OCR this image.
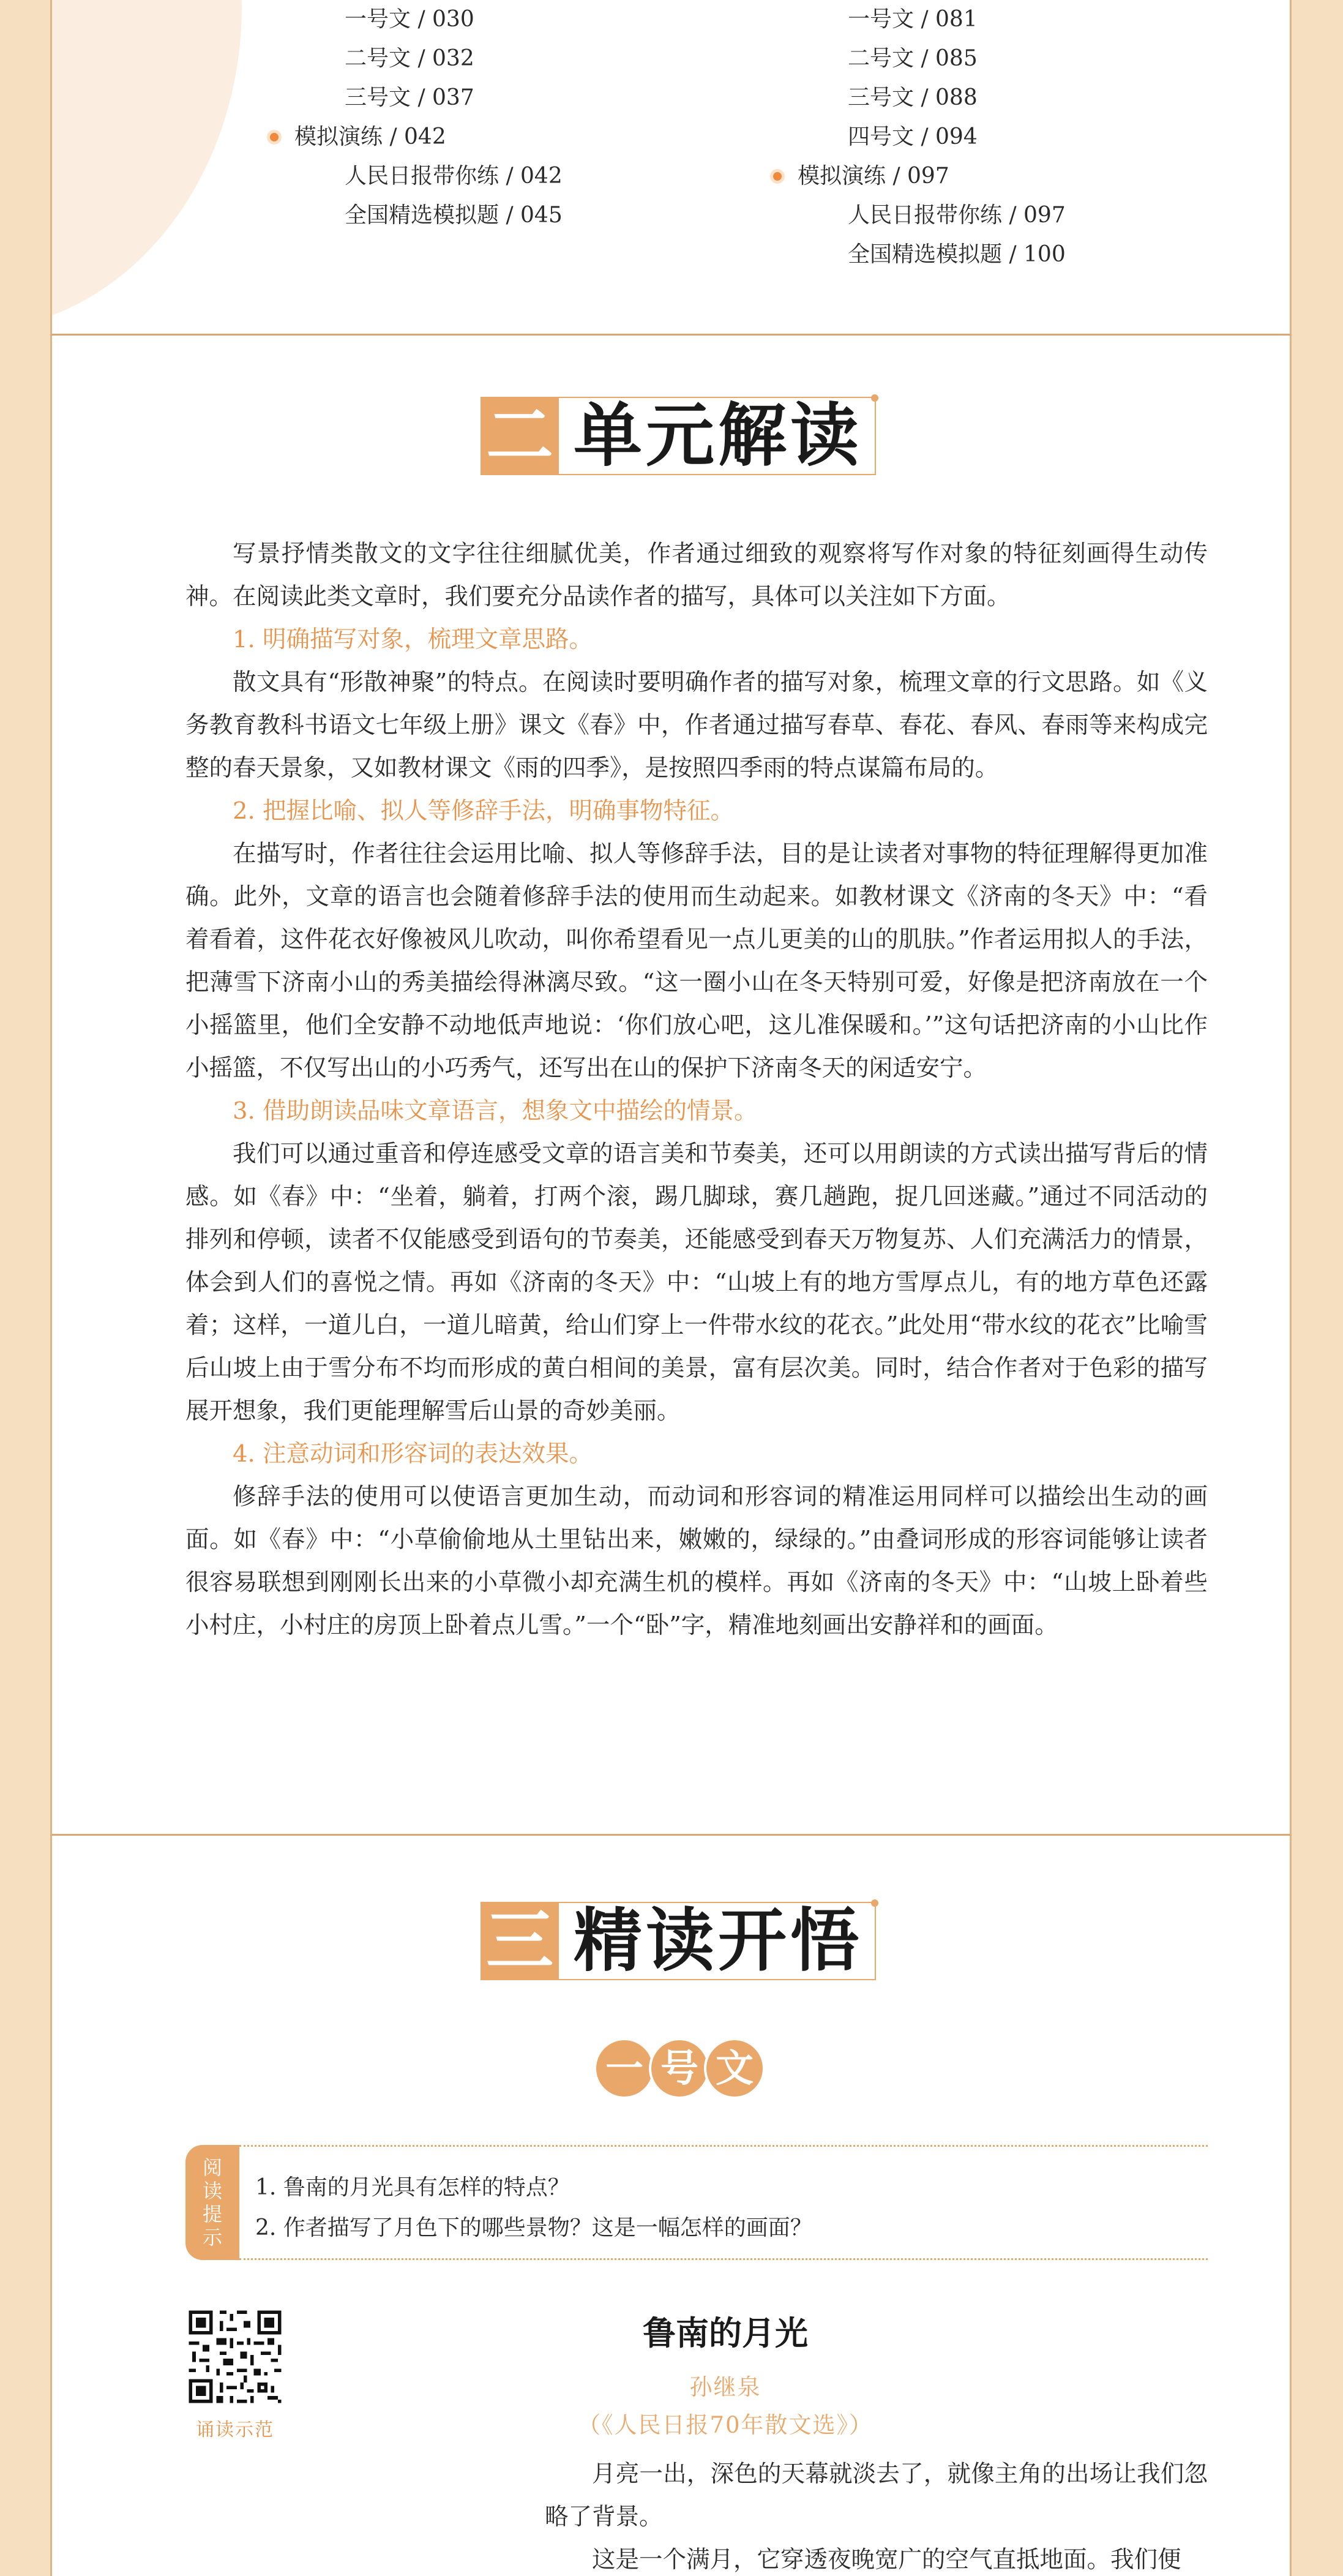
一号文 / 030
二号文 / 032
三号文 / 037
模拟演练 / 042
人民日报带你练 / 042
全国精选模拟题 / 045
一号文 / 081
二号文 / 085
三号文 / 088
四号文 / 094
模拟演练 / 097
人民日报带你练 / 097
全国精选模拟题 / 100
二 单元解读

写景抒情类散文的文字往往细腻优美，作者通过细致的观察将写作对象的特征刻画得生动传神。在阅读此类文章时，我们要充分品读作者的描写，具体可以关注如下方面。

1. 明确描写对象，梳理文章思路。

散文具有“形散神聚”的特点。在阅读时要明确作者的描写对象，梳理文章的行文思路。如《义务教育教科书语文七年级上册》课文《春》中，作者通过描写春草、春花、春风、春雨等来构成完整的春天景象，又如教材课文《雨的四季》，是按照四季雨的特点谋篇布局的。

2. 把握比喻、拟人等修辞手法，明确事物特征。

在描写时，作者往往会运用比喻、拟人等修辞手法，目的是让读者对事物的特征理解得更加准确。此外，文章的语言也会随着修辞手法的使用而生动起来。如教材课文《济南的冬天》中：“看着看着，这件花衣好像被风儿吹动，叫你希望看见一点儿更美的山的肌肤。”作者运用拟人的手法，把薄雪下济南小山的秀美描绘得淋漓尽致。“这一圈小山在冬天特别可爱，好像是把济南放在一个小摇篮里，他们全安静不动地低声地说：‘你们放心吧，这儿准保暖和。’”这句话把济南的小山比作小摇篮，不仅写出山的小巧秀气，还写出在山的保护下济南冬天的闲适安宁。

3. 借助朗读品味文章语言，想象文中描绘的情景。

我们可以通过重音和停连感受文章的语言美和节奏美，还可以用朗读的方式读出描写背后的情感。如《春》中：“坐着，躺着，打两个滚，踢几脚球，赛几趟跑，捉几回迷藏。”通过不同活动的排列和停顿，读者不仅能感受到语句的节奏美，还能感受到春天万物复苏、人们充满活力的情景，体会到人们的喜悦之情。再如《济南的冬天》中：“山坡上有的地方雪厚点儿，有的地方草色还露着；这样，一道儿白，一道儿暗黄，给山们穿上一件带水纹的花衣。”此处用“带水纹的花衣”比喻雪后山坡上由于雪分布不均而形成的黄白相间的美景，富有层次美。同时，结合作者对于色彩的描写展开想象，我们更能理解雪后山景的奇妙美丽。

4. 注意动词和形容词的表达效果。

修辞手法的使用可以使语言更加生动，而动词和形容词的精准运用同样可以描绘出生动的画面。如《春》中：“小草偷偷地从土里钻出来，嫩嫩的，绿绿的。”由叠词形成的形容词能够让读者很容易联想到刚刚长出来的小草微小却充满生机的模样。再如《济南的冬天》中：“山坡上卧着些小村庄，小村庄的房顶上卧着点儿雪。”一个“卧”字，精准地刻画出安静祥和的画面。

三 精读开悟
一 号 文
阅读提示
1. 鲁南的月光具有怎样的特点？
2. 作者描写了月色下的哪些景物？这是一幅怎样的画面？
诵读示范
鲁南的月光
孙继泉
（《人民日报70年散文选》）

月亮一出，深色的天幕就淡去了，就像主角的出场让我们忽略了背景。

这是一个满月，它穿透夜晚宽广的空气直抵地面。我们便
